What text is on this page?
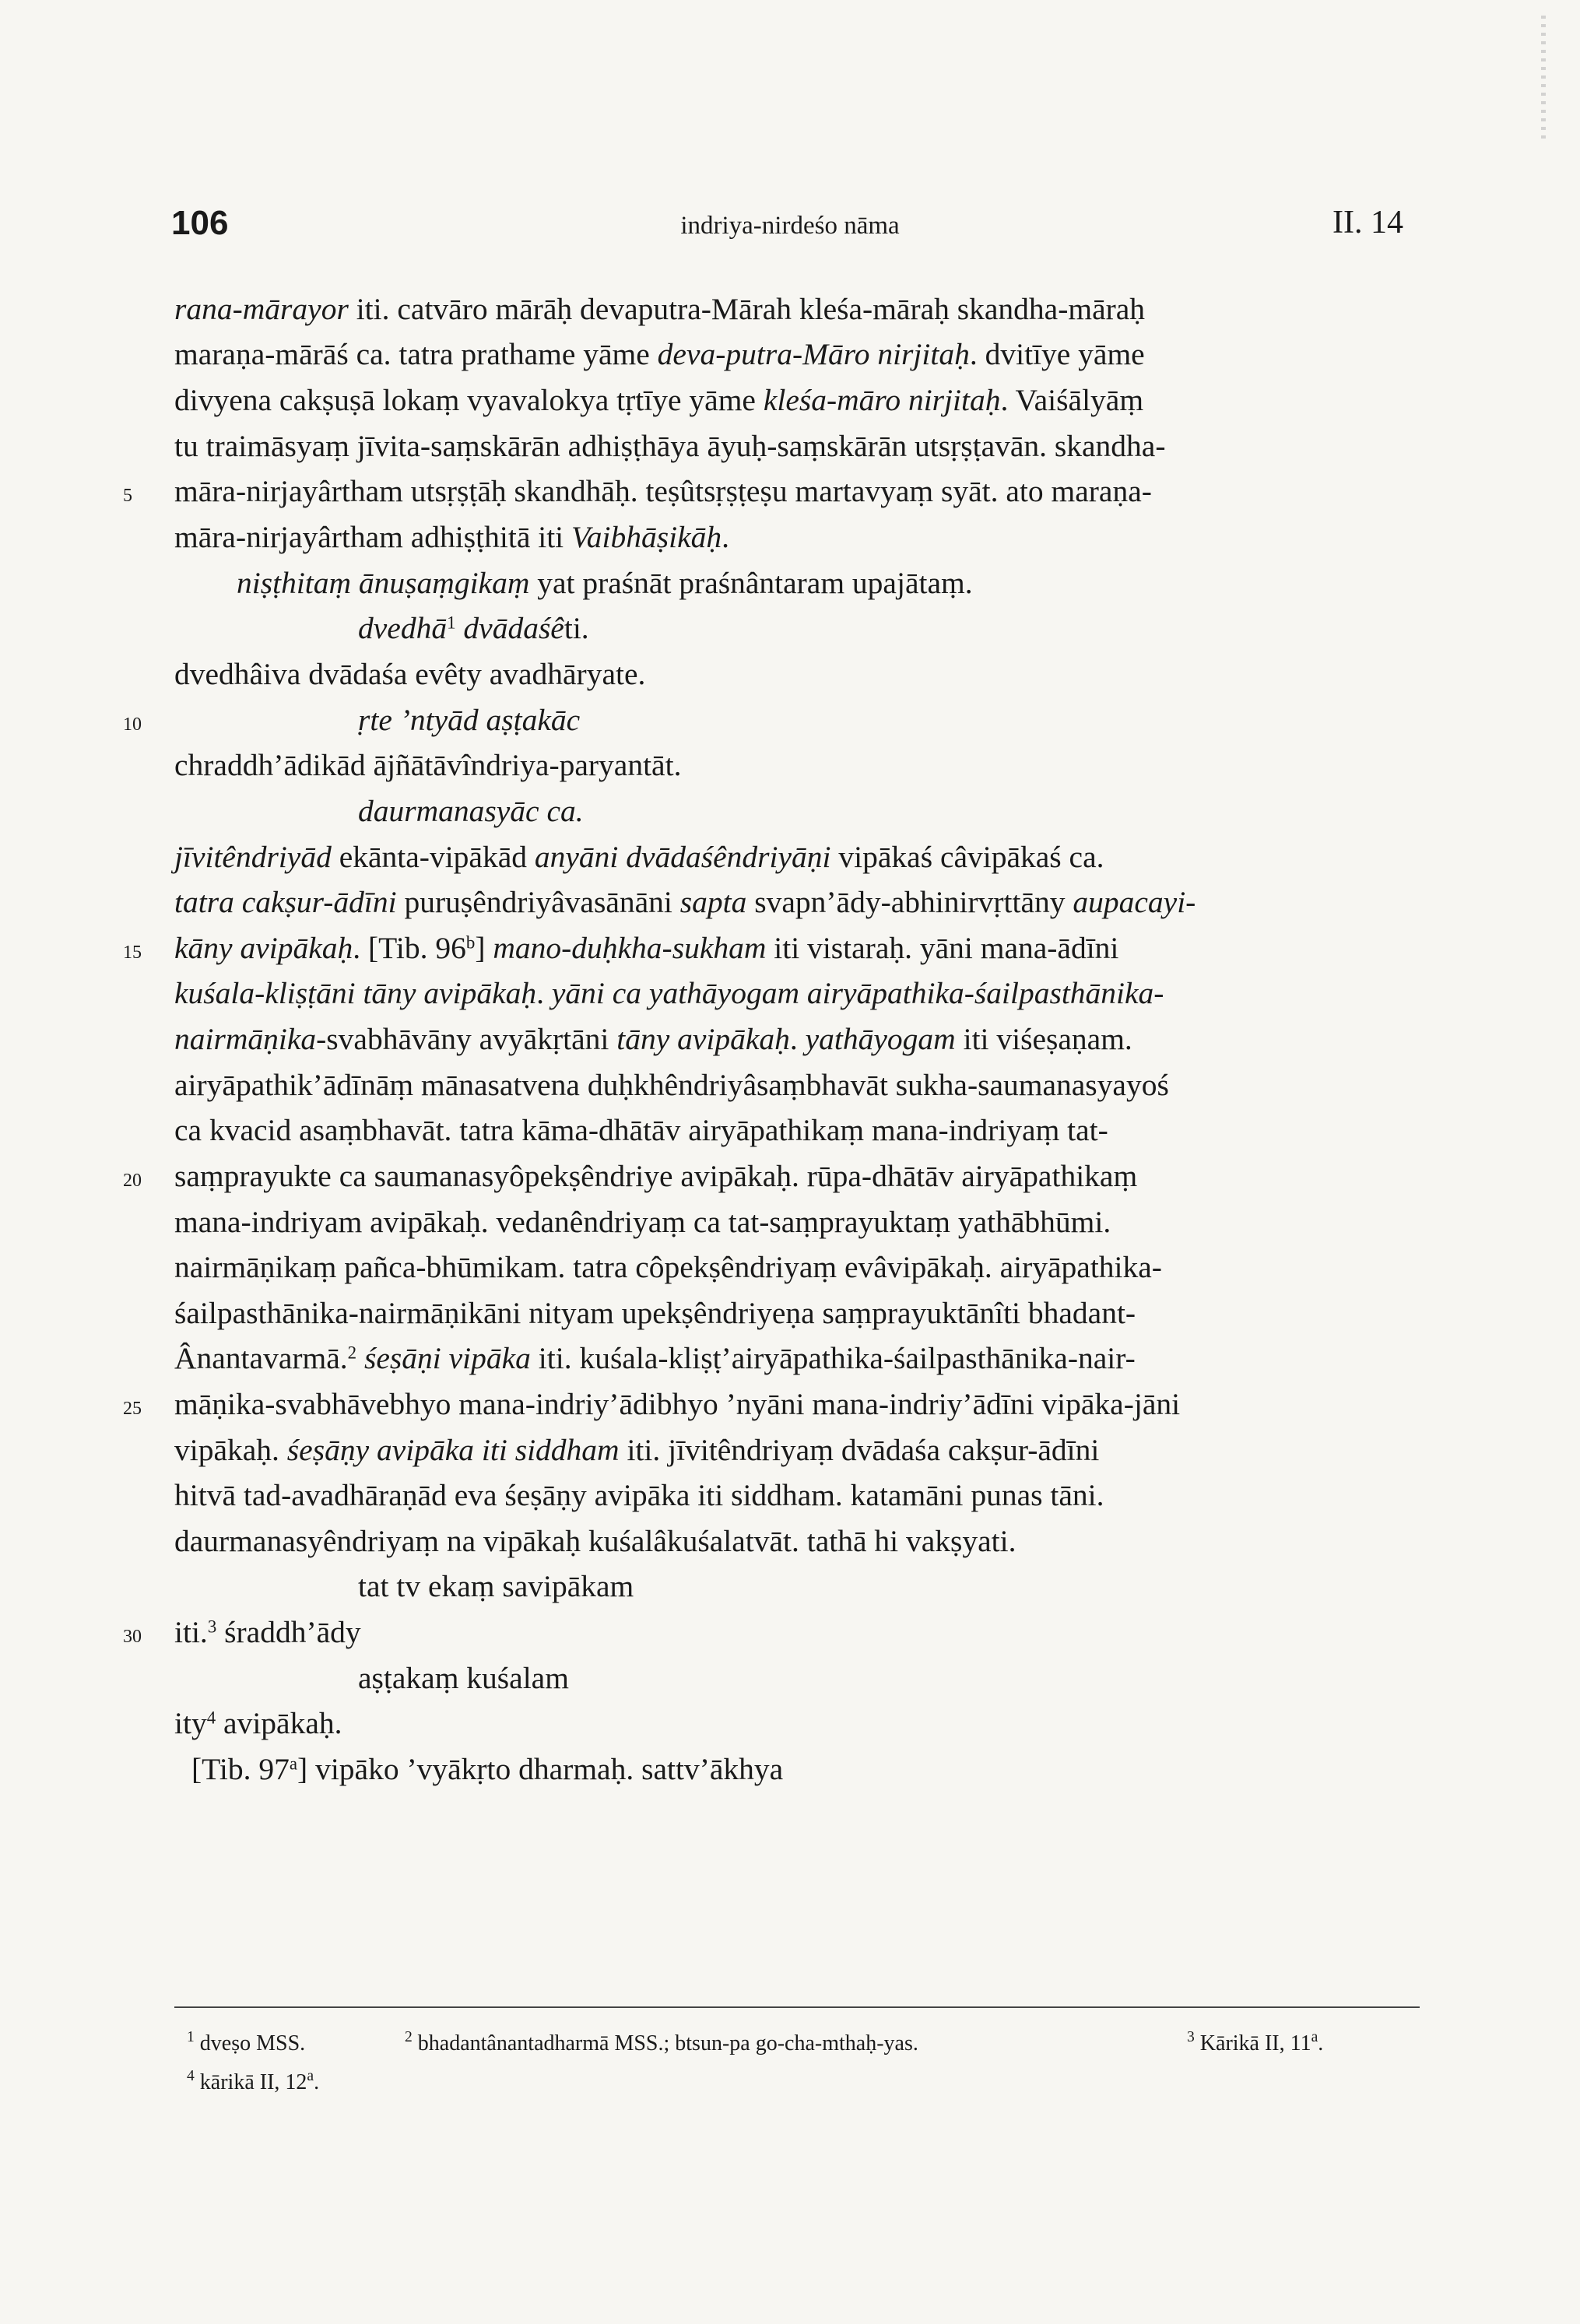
106	indriya-nirdeśo nāma	II. 14
rana-mārayor iti. catvāro mārāḥ devaputra-Mārah kleśa-māraḥ skandha-māraḥ
maraṇa-mārāś ca. tatra prathame yāme deva-putra-Māro nirjitaḥ. dvitīye yāme
divyena cakṣuṣā lokaṃ vyavalokya tṛtīye yāme kleśa-māro nirjitaḥ. Vaiśālyāṃ
tu traimāsyaṃ jīvita-saṃskārān adhiṣṭhāya āyuḥ-saṃskārān utsṛṣṭavān. skandha-
māra-nirjayârtham utsṛṣṭāḥ skandhāḥ. teṣûtsṛṣṭeṣu martavyaṃ syāt. ato maraṇa-
māra-nirjayârtham adhiṣṭhitā iti Vaibhāṣikāḥ.
niṣṭhitaṃ ānuṣaṃgikaṃ yat praśnāt praśnântaram upajātaṃ.
dvedhā$^1$ dvādaśêti.
dvedhâiva dvādaśa evêty avadhāryate.
ṛte ’ntyād aṣṭakāc
chraddh’ādikād ājñātāvîndriya-paryantāt.
daurmanasyāc ca.
jīvitêndriyād ekānta-vipākād anyāni dvādaśêndriyāṇi vipākaś câvipākaś ca.
tatra cakṣur-ādīni puruṣêndriyâvasānāni sapta svapn’ādy-abhinirvṛttāny aupacayi-
kāny avipākaḥ. [Tib. 96$^b$] mano-duḥkha-sukham iti vistaraḥ. yāni mana-ādīni
kuśala-kliṣṭāni tāny avipākaḥ. yāni ca yathāyogam airyāpathika-śailpasthānika-
nairmāṇika-svabhāvāny avyākṛtāni tāny avipākaḥ. yathāyogam iti viśeṣaṇam.
airyāpathik’ādīnāṃ mānasatvena duḥkhêndriyâsaṃbhavāt sukha-saumanasyayoś
ca kvacid asaṃbhavāt. tatra kāma-dhātāv airyāpathikaṃ mana-indriyaṃ tat-
saṃprayukte ca saumanasyôpekṣêndriye avipākaḥ. rūpa-dhātāv airyāpathikaṃ
mana-indriyam avipākaḥ. vedanêndriyaṃ ca tat-saṃprayuktaṃ yathābhūmi.
nairmāṇikaṃ pañca-bhūmikam. tatra côpekṣêndriyaṃ evâvipākaḥ. airyāpathika-
śailpasthānika-nairmāṇikāni nityam upekṣêndriyeṇa saṃprayuktānîti bhadant-
Ânantavarmā.$^2$ śeṣāṇi vipāka iti. kuśala-kliṣṭ’airyāpathika-śailpasthānika-nair-
māṇika-svabhāvebhyo mana-indriy’ādibhyo ’nyāni mana-indriy’ādīni vipāka-jāni
vipākaḥ. śeṣāṇy avipāka iti siddham iti. jīvitêndriyaṃ dvādaśa cakṣur-ādīni
hitvā tad-avadhāraṇād eva śeṣāṇy avipāka iti siddham. katamāni punas tāni.
daurmanasyêndriyaṃ na vipākaḥ kuśalâkuśalatvāt. tathā hi vakṣyati.
tat tv ekaṃ savipākam
iti.$^3$ śraddh’ādy
aṣṭakaṃ kuśalam
ity$^4$ avipākaḥ.
[Tib. 97$^a$] vipāko ’vyākṛto dharmaḥ. sattv’ākhya
5
10
15
20
25
30
$^1$ dveṣo MSS.	$^2$ bhadantânantadharmā MSS.; btsun-pa go-cha-mthaḥ-yas.	$^3$ Kārikā II, 11$^a$.
$^4$ kārikā II, 12$^a$.
